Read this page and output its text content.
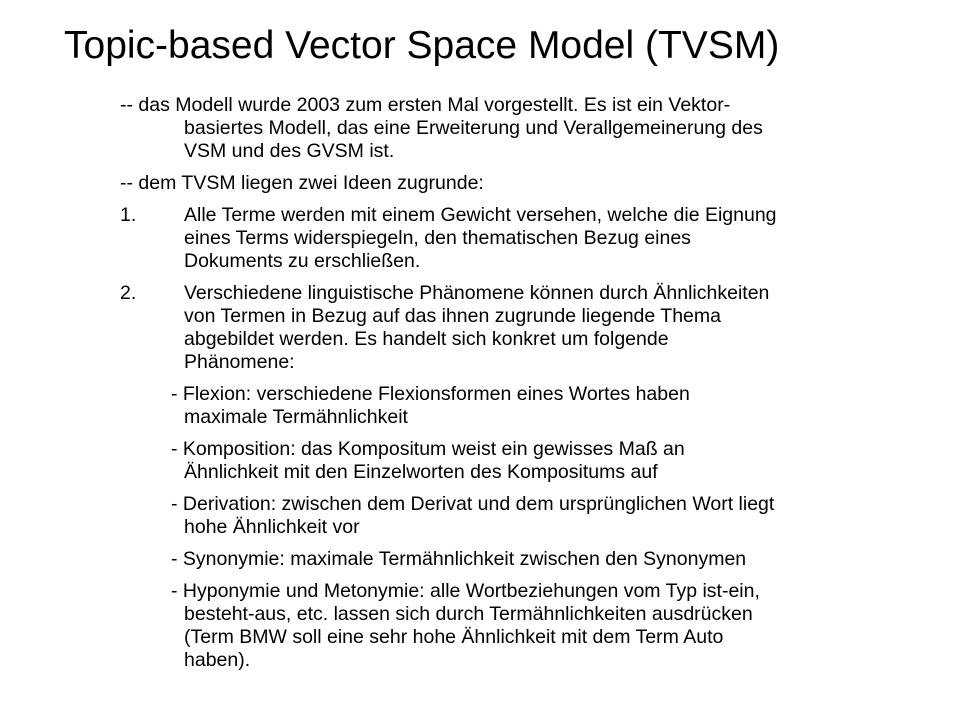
Topic-based Vector Space Model (TVSM)
-- das Modell wurde 2003 zum ersten Mal vorgestellt. Es ist ein Vektor-
basiertes Modell, das eine Erweiterung und Verallgemeinerung des
VSM und des GVSM ist.
-- dem TVSM liegen zwei Ideen zugrunde:
1. Alle Terme werden mit einem Gewicht versehen, welche die Eignung
eines Terms widerspiegeln, den thematischen Bezug eines
Dokuments zu erschließen.
2. Verschiedene linguistische Phänomene können durch Ähnlichkeiten
von Termen in Bezug auf das ihnen zugrunde liegende Thema
abgebildet werden. Es handelt sich konkret um folgende
Phänomene:
- Flexion: verschiedene Flexionsformen eines Wortes haben
maximale Termähnlichkeit
- Komposition: das Kompositum weist ein gewisses Maß an
Ähnlichkeit mit den Einzelworten des Kompositums auf
- Derivation: zwischen dem Derivat und dem ursprünglichen Wort liegt
hohe Ähnlichkeit vor
- Synonymie: maximale Termähnlichkeit zwischen den Synonymen
- Hyponymie und Metonymie: alle Wortbeziehungen vom Typ ist-ein,
besteht-aus, etc. lassen sich durch Termähnlichkeiten ausdrücken
(Term BMW soll eine sehr hohe Ähnlichkeit mit dem Term Auto
haben).
